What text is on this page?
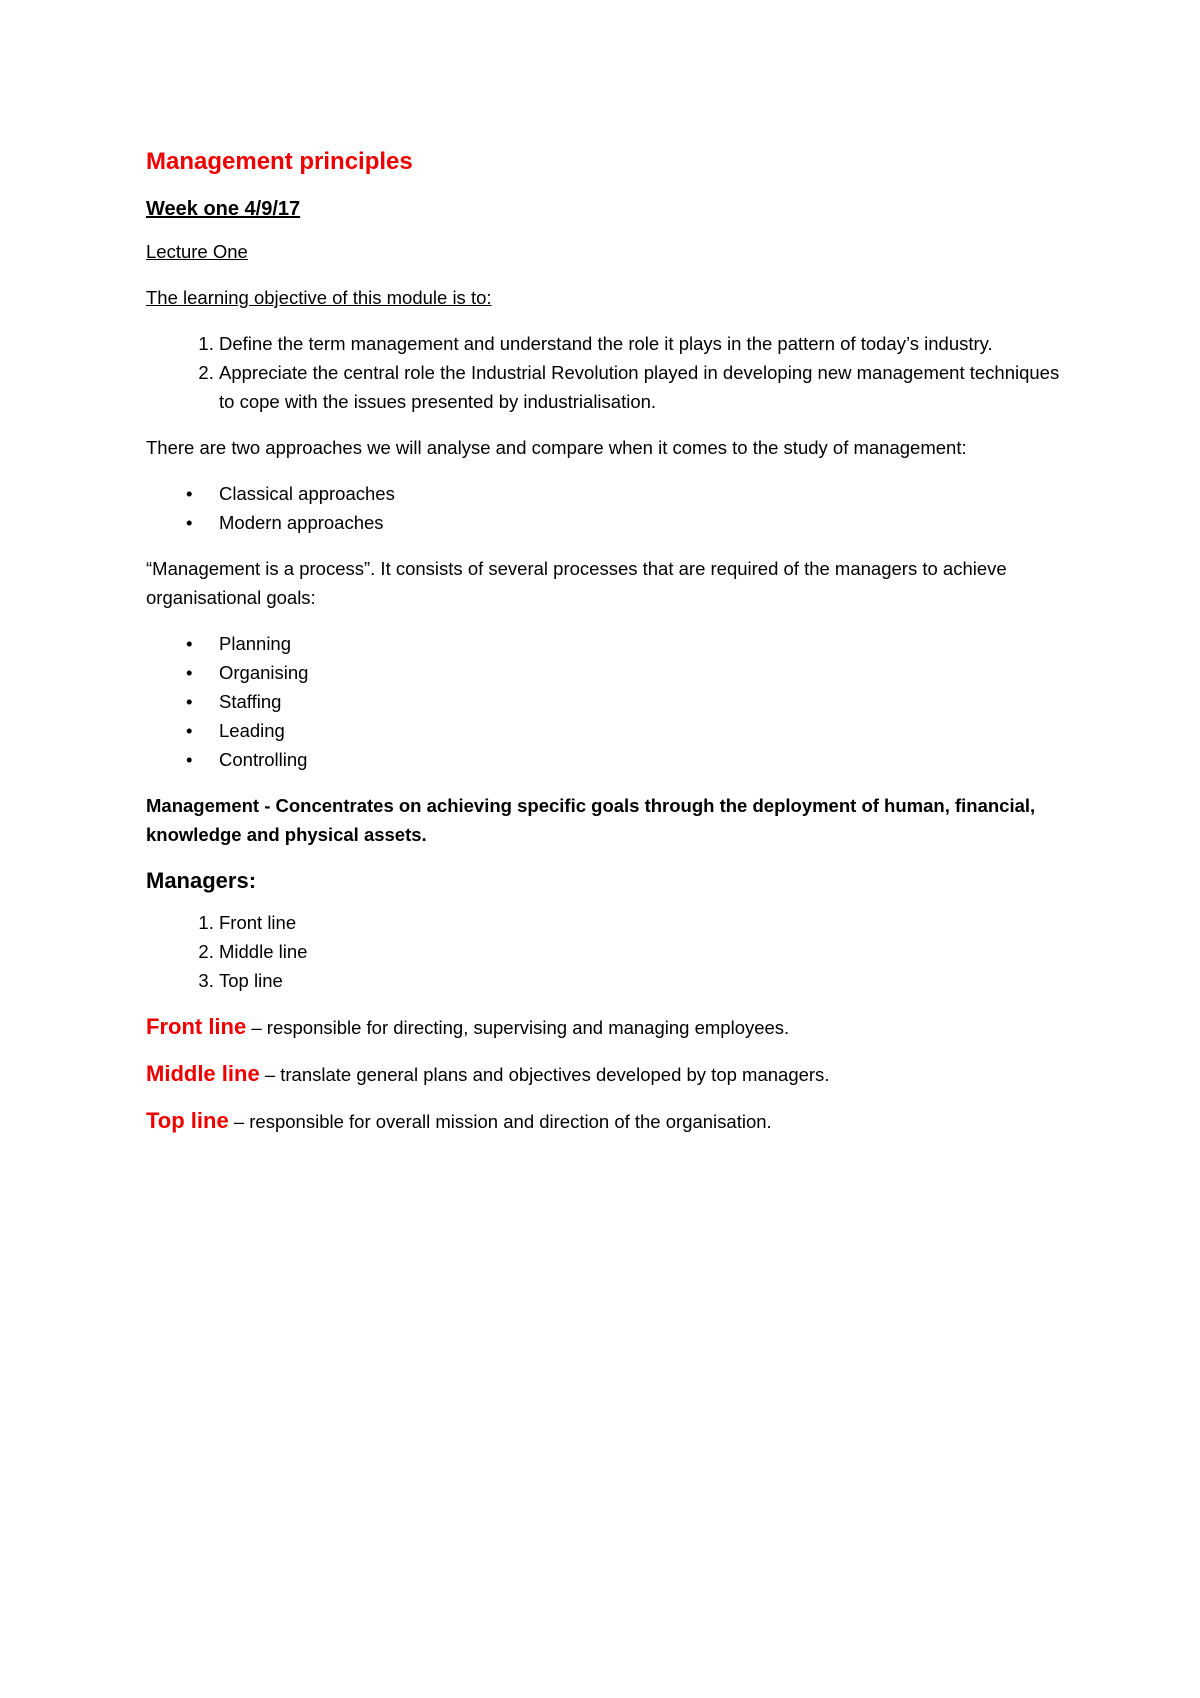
Management principles
Week one 4/9/17

Lecture One

The learning objective of this module is to:

1. Define the term management and understand the role it plays in the pattern of today’s industry.
2. Appreciate the central role the Industrial Revolution played in developing new management techniques to cope with the issues presented by industrialisation.

There are two approaches we will analyse and compare when it comes to the study of management:

• Classical approaches
• Modern approaches

“Management is a process”. It consists of several processes that are required of the managers to achieve organisational goals:

• Planning
• Organising
• Staffing
• Leading
• Controlling

Management - Concentrates on achieving specific goals through the deployment of human, financial, knowledge and physical assets.

Managers:
1. Front line
2. Middle line
3. Top line

Front line – responsible for directing, supervising and managing employees.

Middle line – translate general plans and objectives developed by top managers.

Top line – responsible for overall mission and direction of the organisation.
